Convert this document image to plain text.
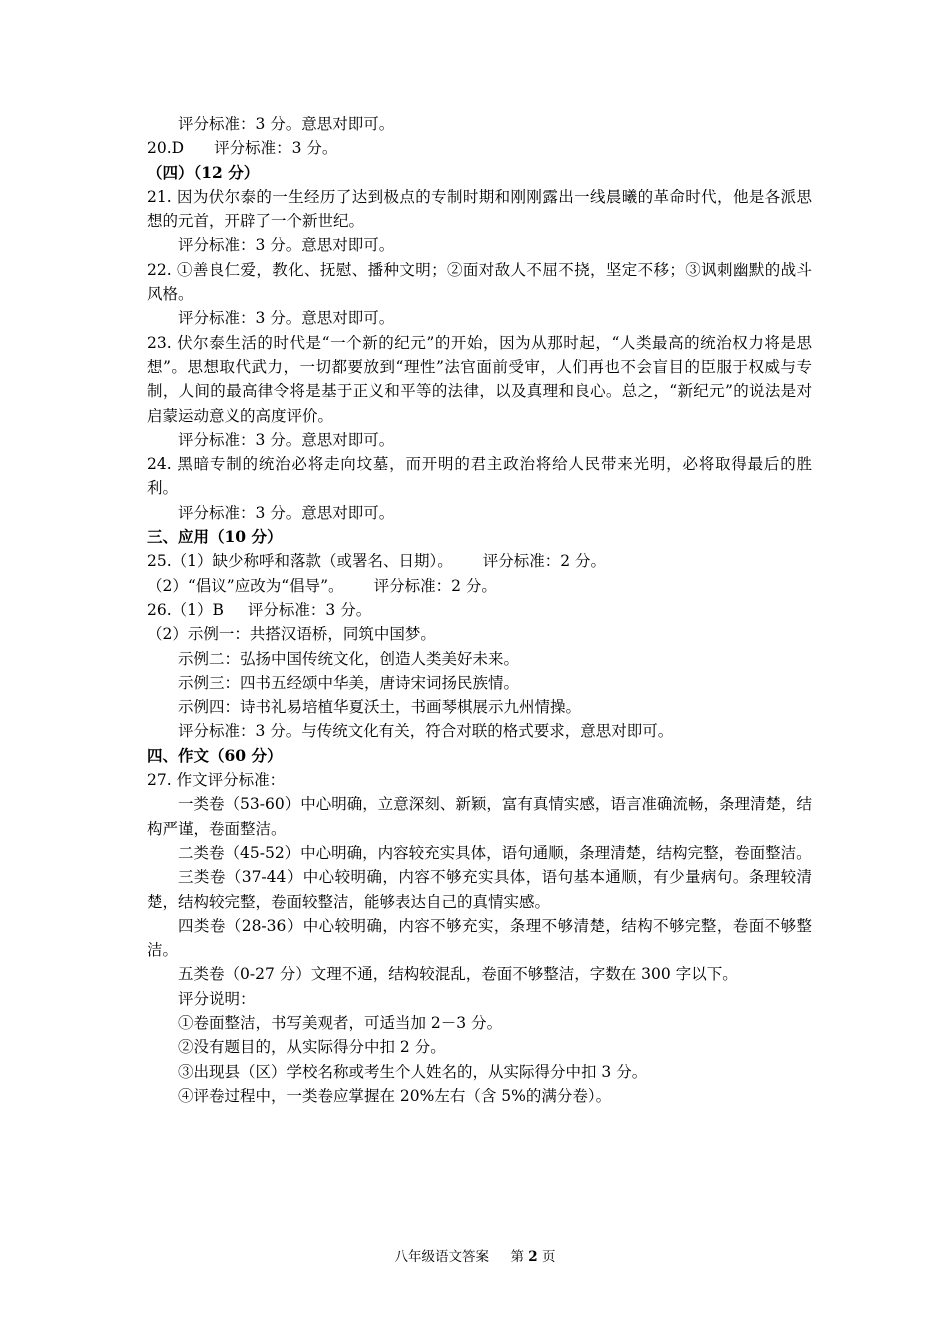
评分标准：3 分。意思对即可。
20.D 评分标准：3 分。
（四）（12 分）
21. 因为伏尔泰的一生经历了达到极点的专制时期和刚刚露出一线晨曦的革命时代，他是各派思想的元首，开辟了一个新世纪。
评分标准：3 分。意思对即可。
22. ①善良仁爱，教化、抚慰、播种文明；②面对敌人不屈不挠，坚定不移；③讽刺幽默的战斗风格。
评分标准：3 分。意思对即可。
23. 伏尔泰生活的时代是“一个新的纪元”的开始，因为从那时起，“人类最高的统治权力将是思想”。思想取代武力，一切都要放到“理性”法官面前受审，人们再也不会盲目的臣服于权威与专制，人间的最高律令将是基于正义和平等的法律，以及真理和良心。总之，“新纪元”的说法是对启蒙运动意义的高度评价。
评分标准：3 分。意思对即可。
24. 黑暗专制的统治必将走向坟墓，而开明的君主政治将给人民带来光明，必将取得最后的胜利。
评分标准：3 分。意思对即可。
三、应用（10 分）
25.（1）缺少称呼和落款（或署名、日期）。 评分标准：2 分。
（2）“倡议”应改为“倡导”。 评分标准：2 分。
26.（1）B 评分标准：3 分。
（2）示例一：共搭汉语桥，同筑中国梦。
示例二：弘扬中国传统文化，创造人类美好未来。
示例三：四书五经颂中华美，唐诗宋词扬民族情。
示例四：诗书礼易培植华夏沃土，书画琴棋展示九州情操。
评分标准：3 分。与传统文化有关，符合对联的格式要求，意思对即可。
四、作文（60 分）
27. 作文评分标准：
一类卷（53-60）中心明确，立意深刻、新颖，富有真情实感，语言准确流畅，条理清楚，结构严谨，卷面整洁。
二类卷（45-52）中心明确，内容较充实具体，语句通顺，条理清楚，结构完整，卷面整洁。
三类卷（37-44）中心较明确，内容不够充实具体，语句基本通顺，有少量病句。条理较清楚，结构较完整，卷面较整洁，能够表达自己的真情实感。
四类卷（28-36）中心较明确，内容不够充实，条理不够清楚，结构不够完整，卷面不够整洁。
五类卷（0-27 分）文理不通，结构较混乱，卷面不够整洁，字数在 300 字以下。
评分说明：
①卷面整洁，书写美观者，可适当加 2－3 分。
②没有题目的，从实际得分中扣 2 分。
③出现县（区）学校名称或考生个人姓名的，从实际得分中扣 3 分。
④评卷过程中，一类卷应掌握在 20%左右（含 5%的满分卷）。
八年级语文答案 第 2 页
